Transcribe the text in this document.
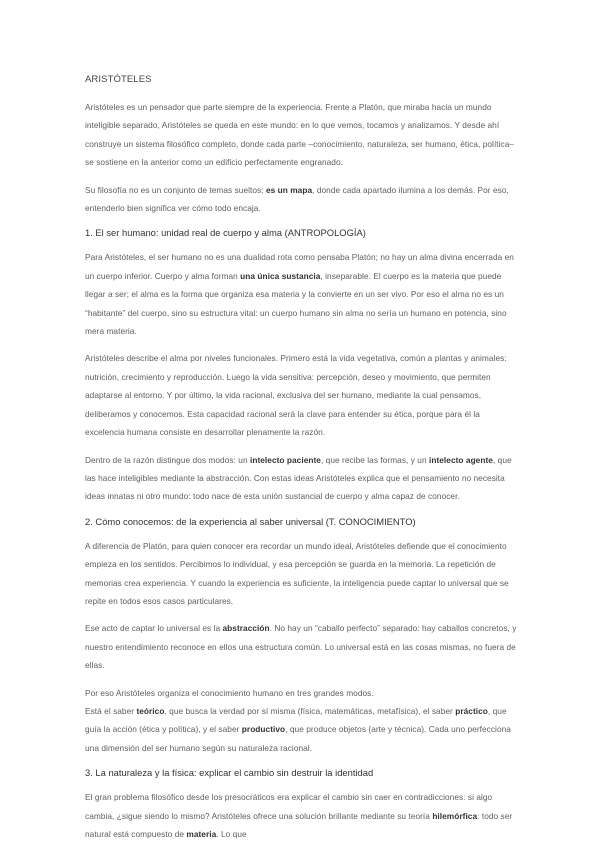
ARISTÓTELES

Aristóteles es un pensador que parte siempre de la experiencia. Frente a Platón, que miraba hacia un mundo inteligible separado, Aristóteles se queda en este mundo: en lo que vemos, tocamos y analizamos. Y desde ahí construye un sistema filosófico completo, donde cada parte –conocimiento, naturaleza, ser humano, ética, política– se sostiene en la anterior como un edificio perfectamente engranado.

Su filosofía no es un conjunto de temas sueltos: es un mapa, donde cada apartado ilumina a los demás. Por eso, entenderlo bien significa ver cómo todo encaja.

1. El ser humano: unidad real de cuerpo y alma (ANTROPOLOGÍA)

Para Aristóteles, el ser humano no es una dualidad rota como pensaba Platón; no hay un alma divina encerrada en un cuerpo inferior. Cuerpo y alma forman una única sustancia, inseparable. El cuerpo es la materia que puede llegar a ser; el alma es la forma que organiza esa materia y la convierte en un ser vivo. Por eso el alma no es un “habitante” del cuerpo, sino su estructura vital: un cuerpo humano sin alma no sería un humano en potencia, sino mera materia.

Aristóteles describe el alma por niveles funcionales. Primero está la vida vegetativa, común a plantas y animales: nutrición, crecimiento y reproducción. Luego la vida sensitiva: percepción, deseo y movimiento, que permiten adaptarse al entorno. Y por último, la vida racional, exclusiva del ser humano, mediante la cual pensamos, deliberamos y conocemos. Esta capacidad racional será la clave para entender su ética, porque para él la excelencia humana consiste en desarrollar plenamente la razón.

Dentro de la razón distingue dos modos: un intelecto paciente, que recibe las formas, y un intelecto agente, que las hace inteligibles mediante la abstracción. Con estas ideas Aristóteles explica que el pensamiento no necesita ideas innatas ni otro mundo: todo nace de esta unión sustancial de cuerpo y alma capaz de conocer.

2. Cómo conocemos: de la experiencia al saber universal (T. CONOCIMIENTO)

A diferencia de Platón, para quien conocer era recordar un mundo ideal, Aristóteles defiende que el conocimiento empieza en los sentidos. Percibimos lo individual, y esa percepción se guarda en la memoria. La repetición de memorias crea experiencia. Y cuando la experiencia es suficiente, la inteligencia puede captar lo universal que se repite en todos esos casos particulares.

Ese acto de captar lo universal es la abstracción. No hay un “caballo perfecto” separado: hay caballos concretos, y nuestro entendimiento reconoce en ellos una estructura común. Lo universal está en las cosas mismas, no fuera de ellas.

Por eso Aristóteles organiza el conocimiento humano en tres grandes modos.
Está el saber teórico, que busca la verdad por sí misma (física, matemáticas, metafísica), el saber práctico, que guía la acción (ética y política), y el saber productivo, que produce objetos (arte y técnica). Cada uno perfecciona una dimensión del ser humano según su naturaleza racional.

3. La naturaleza y la física: explicar el cambio sin destruir la identidad

El gran problema filosófico desde los presocráticos era explicar el cambio sin caer en contradicciones: si algo cambia, ¿sigue siendo lo mismo? Aristóteles ofrece una solución brillante mediante su teoría hilemórfica: todo ser natural está compuesto de materia. Lo que
